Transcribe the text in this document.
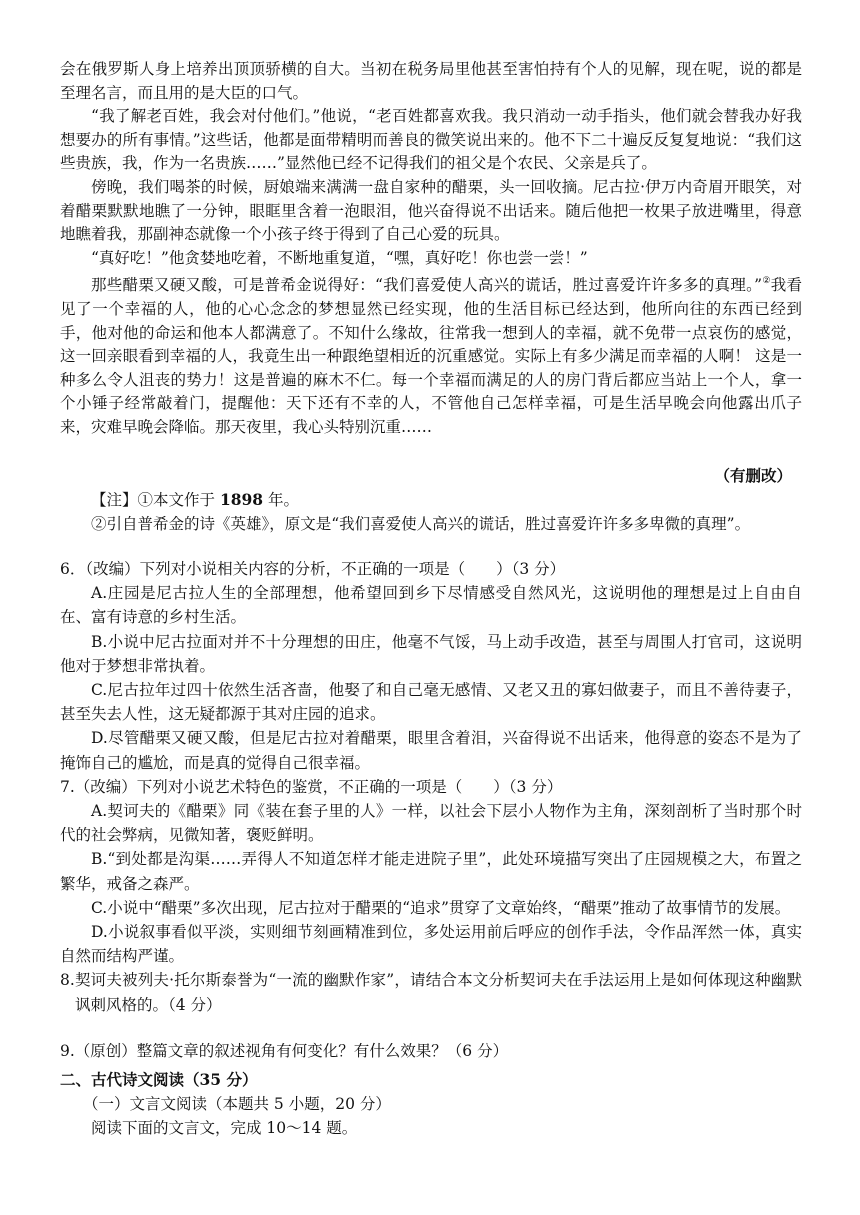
会在俄罗斯人身上培养出顶顶骄横的自大。当初在税务局里他甚至害怕持有个人的见解，现在呢，说的都是至理名言，而且用的是大臣的口气。

“我了解老百姓，我会对付他们。”他说，“老百姓都喜欢我。我只消动一动手指头，他们就会替我办好我想要办的所有事情。”这些话，他都是面带精明而善良的微笑说出来的。他不下二十遍反反复复地说：“我们这些贵族，我，作为一名贵族……”显然他已经不记得我们的祖父是个农民、父亲是兵了。

傍晚，我们喝茶的时候，厨娘端来满满一盘自家种的醋栗，头一回收摘。尼古拉·伊万内奇眉开眼笑，对着醋栗默默地瞧了一分钟，眼眶里含着一泡眼泪，他兴奋得说不出话来。随后他把一枚果子放进嘴里，得意地瞧着我，那副神态就像一个小孩子终于得到了自己心爱的玩具。

“真好吃！”他贪婪地吃着，不断地重复道，“嘿，真好吃！你也尝一尝！”

那些醋栗又硬又酸，可是普希金说得好：“我们喜爱使人高兴的谎话，胜过喜爱许许多多的真理。”②我看见了一个幸福的人，他的心心念念的梦想显然已经实现，他的生活目标已经达到，他所向往的东西已经到手，他对他的命运和他本人都满意了。不知什么缘故，往常我一想到人的幸福，就不免带一点哀伤的感觉，这一回亲眼看到幸福的人，我竟生出一种跟绝望相近的沉重感觉。实际上有多少满足而幸福的人啊！ 这是一种多么令人沮丧的势力！这是普遍的麻木不仁。每一个幸福而满足的人的房门背后都应当站上一个人，拿一个小锤子经常敲着门，提醒他：天下还有不幸的人，不管他自己怎样幸福，可是生活早晚会向他露出爪子来，灾难早晚会降临。那天夜里，我心头特别沉重……

（有删改）

【注】①本文作于 1898 年。

②引自普希金的诗《英雄》，原文是“我们喜爱使人高兴的谎话，胜过喜爱许许多多卑微的真理”。

6．（改编）下列对小说相关内容的分析，不正确的一项是（　　）（3 分）

A.庄园是尼古拉人生的全部理想，他希望回到乡下尽情感受自然风光，这说明他的理想是过上自由自在、富有诗意的乡村生活。

B.小说中尼古拉面对并不十分理想的田庄，他毫不气馁，马上动手改造，甚至与周围人打官司，这说明他对于梦想非常执着。

C.尼古拉年过四十依然生活吝啬，他娶了和自己毫无感情、又老又丑的寡妇做妻子，而且不善待妻子，甚至失去人性，这无疑都源于其对庄园的追求。

D.尽管醋栗又硬又酸，但是尼古拉对着醋栗，眼里含着泪，兴奋得说不出话来，他得意的姿态不是为了掩饰自己的尴尬，而是真的觉得自己很幸福。

7.（改编）下列对小说艺术特色的鉴赏，不正确的一项是（　　）（3 分）

A.契诃夫的《醋栗》同《装在套子里的人》一样，以社会下层小人物作为主角，深刻剖析了当时那个时代的社会弊病，见微知著，褒贬鲜明。

B.“到处都是沟渠……弄得人不知道怎样才能走进院子里”，此处环境描写突出了庄园规模之大，布置之繁华，戒备之森严。

C.小说中“醋栗”多次出现，尼古拉对于醋栗的“追求”贯穿了文章始终，“醋栗”推动了故事情节的发展。

D.小说叙事看似平淡，实则细节刻画精准到位，多处运用前后呼应的创作手法，令作品浑然一体，真实自然而结构严谨。

8.契诃夫被列夫·托尔斯泰誉为“一流的幽默作家”，请结合本文分析契诃夫在手法运用上是如何体现这种幽默讽刺风格的。（4 分）

9.（原创）整篇文章的叙述视角有何变化？有什么效果？（6 分）

二、古代诗文阅读（35 分）

（一）文言文阅读（本题共 5 小题，20 分）

阅读下面的文言文，完成 10～14 题。
